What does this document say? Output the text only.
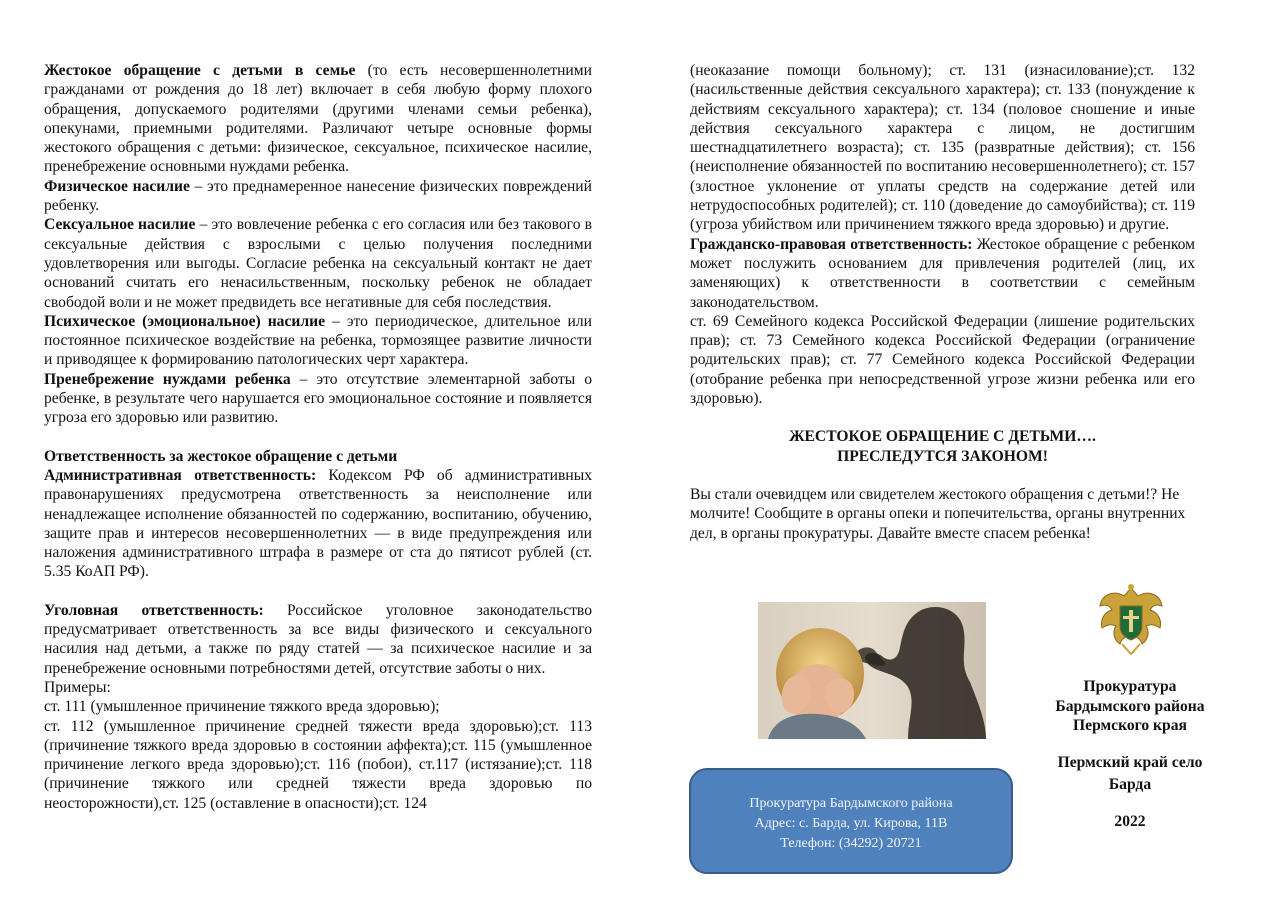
Жестокое обращение с детьми в семье (то есть несовершеннолетними гражданами от рождения до 18 лет) включает в себя любую форму плохого обращения, допускаемого родителями (другими членами семьи ребенка), опекунами, приемными родителями. Различают четыре основные формы жестокого обращения с детьми: физическое, сексуальное, психическое насилие, пренебрежение основными нуждами ребенка.

Физическое насилие – это преднамеренное нанесение физических повреждений ребенку.

Сексуальное насилие – это вовлечение ребенка с его согласия или без такового в сексуальные действия с взрослыми с целью получения последними удовлетворения или выгоды. Согласие ребенка на сексуальный контакт не дает оснований считать его ненасильственным, поскольку ребенок не обладает свободой воли и не может предвидеть все негативные для себя последствия.

Психическое (эмоциональное) насилие – это периодическое, длительное или постоянное психическое воздействие на ребенка, тормозящее развитие личности и приводящее к формированию патологических черт характера.

Пренебрежение нуждами ребенка – это отсутствие элементарной заботы о ребенке, в результате чего нарушается его эмоциональное состояние и появляется угроза его здоровью или развитию.

Ответственность за жестокое обращение с детьми

Административная ответственность: Кодексом РФ об административных правонарушениях предусмотрена ответственность за неисполнение или ненадлежащее исполнение обязанностей по содержанию, воспитанию, обучению, защите прав и интересов несовершеннолетних — в виде предупреждения или наложения административного штрафа в размере от ста до пятисот рублей (ст. 5.35 КоАП РФ).

Уголовная ответственность: Российское уголовное законодательство предусматривает ответственность за все виды физического и сексуального насилия над детьми, а также по ряду статей — за психическое насилие и за пренебрежение основными потребностями детей, отсутствие заботы о них.

Примеры:

ст. 111 (умышленное причинение тяжкого вреда здоровью);

ст. 112 (умышленное причинение средней тяжести вреда здоровью);ст. 113 (причинение тяжкого вреда здоровью в состоянии аффекта);ст. 115 (умышленное причинение легкого вреда здоровью);ст. 116 (побои), ст.117 (истязание);ст. 118 (причинение тяжкого или средней тяжести вреда здоровью по неосторожности),ст. 125 (оставление в опасности);ст. 124

(неоказание помощи больному); ст. 131 (изнасилование);ст. 132 (насильственные действия сексуального характера); ст. 133 (понуждение к действиям сексуального характера); ст. 134 (половое сношение и иные действия сексуального характера с лицом, не достигшим шестнадцатилетнего возраста); ст. 135 (развратные действия); ст. 156 (неисполнение обязанностей по воспитанию несовершеннолетнего); ст. 157 (злостное уклонение от уплаты средств на содержание детей или нетрудоспособных родителей); ст. 110 (доведение до самоубийства); ст. 119 (угроза убийством или причинением тяжкого вреда здоровью) и другие.

Гражданско-правовая ответственность: Жестокое обращение с ребенком может послужить основанием для привлечения родителей (лиц, их заменяющих) к ответственности в соответствии с семейным законодательством.

ст. 69 Семейного кодекса Российской Федерации (лишение родительских прав); ст. 73 Семейного кодекса Российской Федерации (ограничение родительских прав); ст. 77 Семейного кодекса Российской Федерации (отобрание ребенка при непосредственной угрозе жизни ребенка или его здоровью).

ЖЕСТОКОЕ ОБРАЩЕНИЕ С ДЕТЬМИ….
ПРЕСЛЕДУТСЯ ЗАКОНОМ!

Вы стали очевидцем или свидетелем жестокого обращения с детьми!? Не молчите! Сообщите в органы опеки и попечительства, органы внутренних дел, в органы прокуратуры. Давайте вместе спасем ребенка!

Прокуратура
Бардымского района
Пермского края
Пермский край село
Барда
2022
Прокуратура Бардымского района
Адрес: с. Барда, ул. Кирова, 11В
Телефон: (34292) 20721
